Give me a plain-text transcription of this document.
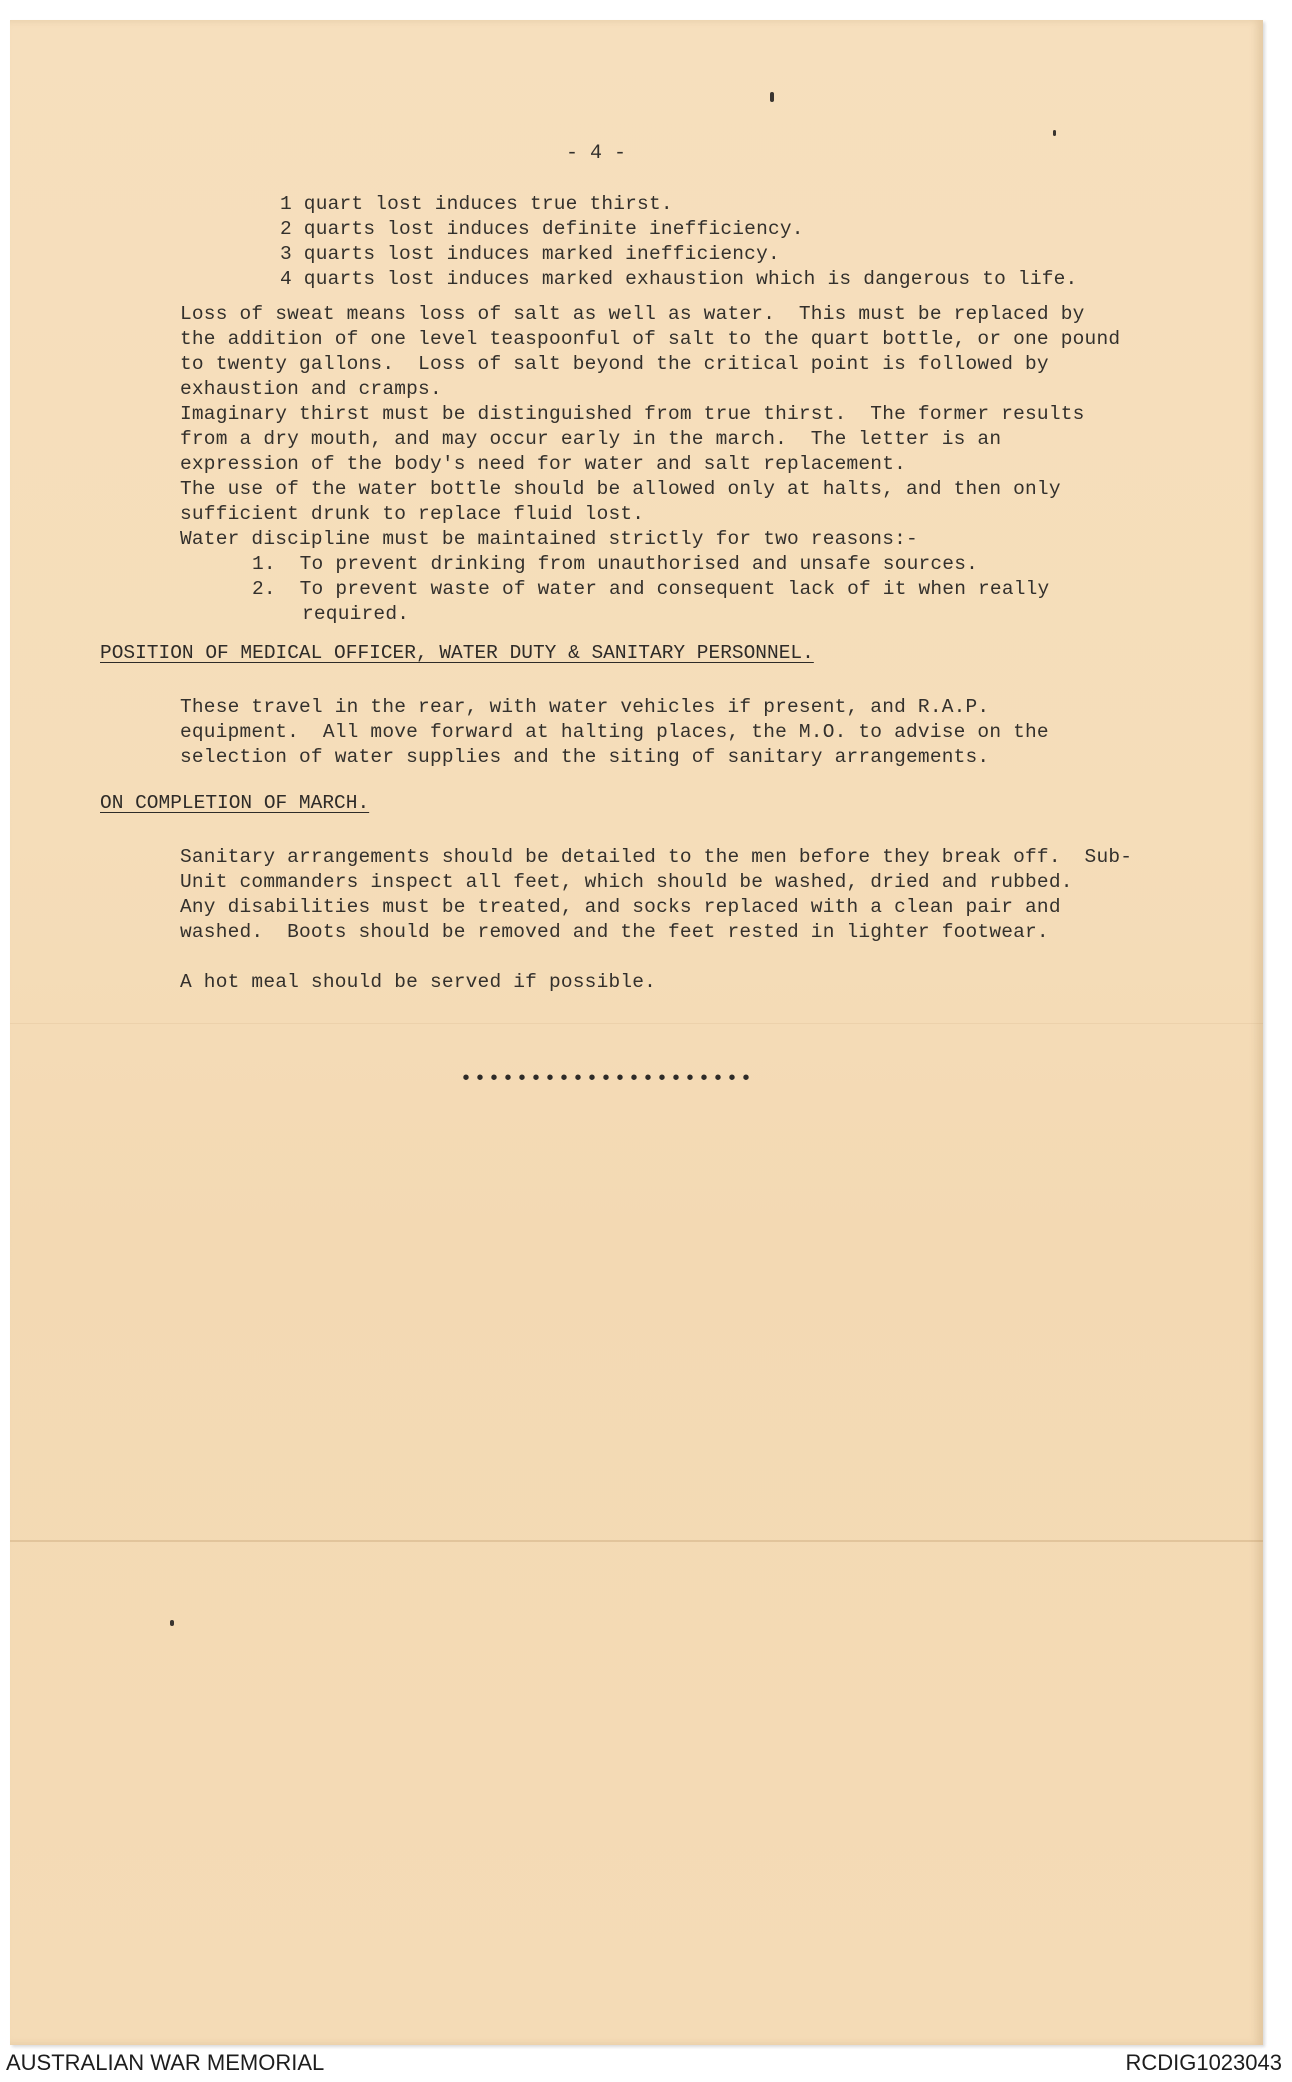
- 4 -
1 quart lost induces true thirst.
2 quarts lost induces definite inefficiency.
3 quarts lost induces marked inefficiency.
4 quarts lost induces marked exhaustion which is dangerous to life.
Loss of sweat means loss of salt as well as water.  This must be replaced by
the addition of one level teaspoonful of salt to the quart bottle, or one pound
to twenty gallons.  Loss of salt beyond the critical point is followed by
exhaustion and cramps.
Imaginary thirst must be distinguished from true thirst.  The former results
from a dry mouth, and may occur early in the march.  The letter is an
expression of the body's need for water and salt replacement.
The use of the water bottle should be allowed only at halts, and then only
sufficient drunk to replace fluid lost.
Water discipline must be maintained strictly for two reasons:-
1.  To prevent drinking from unauthorised and unsafe sources.
2.  To prevent waste of water and consequent lack of it when really
required.
POSITION OF MEDICAL OFFICER, WATER DUTY & SANITARY PERSONNEL.
These travel in the rear, with water vehicles if present, and R.A.P.
equipment.  All move forward at halting places, the M.O. to advise on the
selection of water supplies and the siting of sanitary arrangements.
ON COMPLETION OF MARCH.
Sanitary arrangements should be detailed to the men before they break off.  Sub-
Unit commanders inspect all feet, which should be washed, dried and rubbed.
Any disabilities must be treated, and socks replaced with a clean pair and
washed.  Boots should be removed and the feet rested in lighter footwear.
A hot meal should be served if possible.
•••••••••••••••••••••
AUSTRALIAN WAR MEMORIAL	RCDIG1023043
